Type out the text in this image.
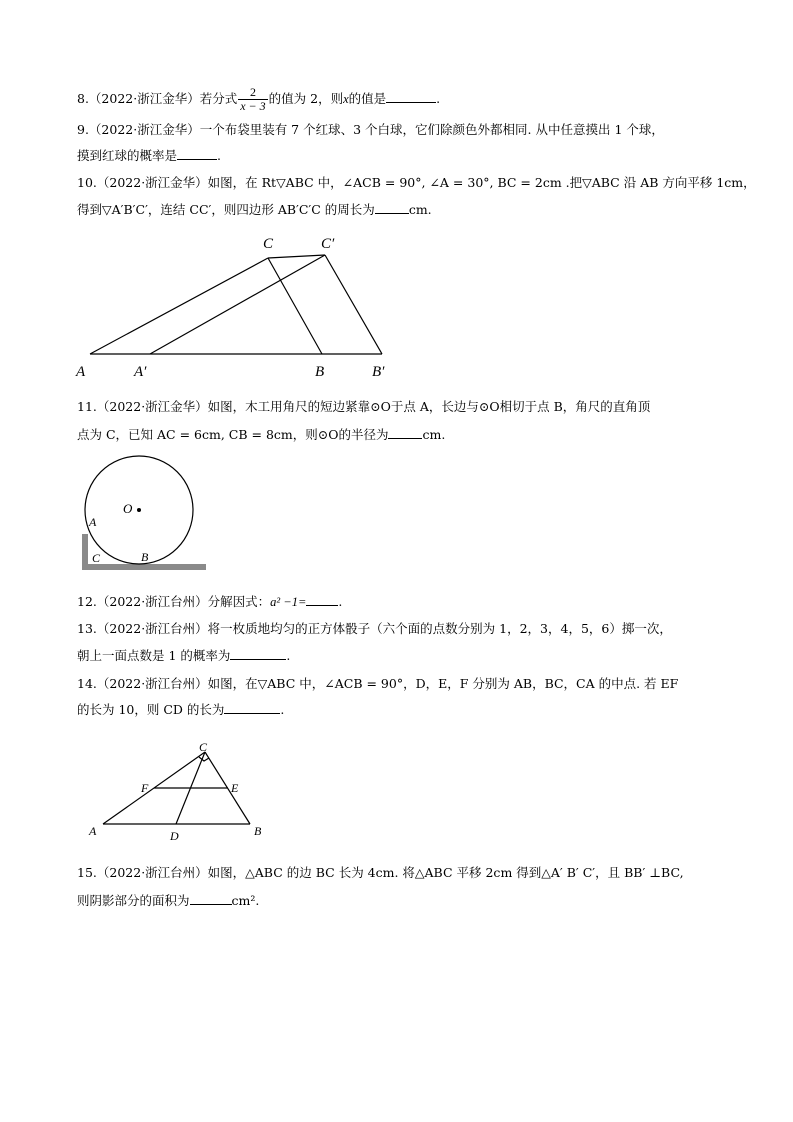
8.（2022·浙江金华）若分式 $\frac{2}{x - 3}$ 的值为 2，则x的值是	.
9.（2022·浙江金华）一个布袋里装有 7 个红球、3 个白球，它们除颜色外都相同. 从中任意摸出 1 个球，
摸到红球的概率是	.
10.（2022·浙江金华）如图，在 Rt▽ABC 中，∠ACB = 90°, ∠A = 30°, BC = 2cm .把▽ABC 沿 AB 方向平移 1cm，
得到▽A′B′C′，连结 CC′，则四边形 AB′C′C 的周长为	cm.
C	C′
A	A′	B	B′
11.（2022·浙江金华）如图，木工用角尺的短边紧靠⊙O于点 A，长边与⊙O相切于点 B，角尺的直角顶
点为 C，已知 AC = 6cm, CB = 8cm，则⊙O的半径为	cm.
O
A
C	B
12.（2022·浙江台州）分解因式：a² −1=	.
13.（2022·浙江台州）将一枚质地均匀的正方体骰子（六个面的点数分别为 1，2，3，4，5，6）掷一次，
朝上一面点数是 1 的概率为	.
14.（2022·浙江台州）如图，在▽ABC 中，∠ACB = 90°，D，E，F 分别为 AB，BC，CA 的中点. 若 EF
的长为 10，则 CD 的长为	.
C
F	E
A	D	B
15.（2022·浙江台州）如图，△ABC 的边 BC 长为 4cm. 将△ABC 平移 2cm 得到△A′ B′ C′，且 BB′ ⊥BC,
则阴影部分的面积为	cm².
